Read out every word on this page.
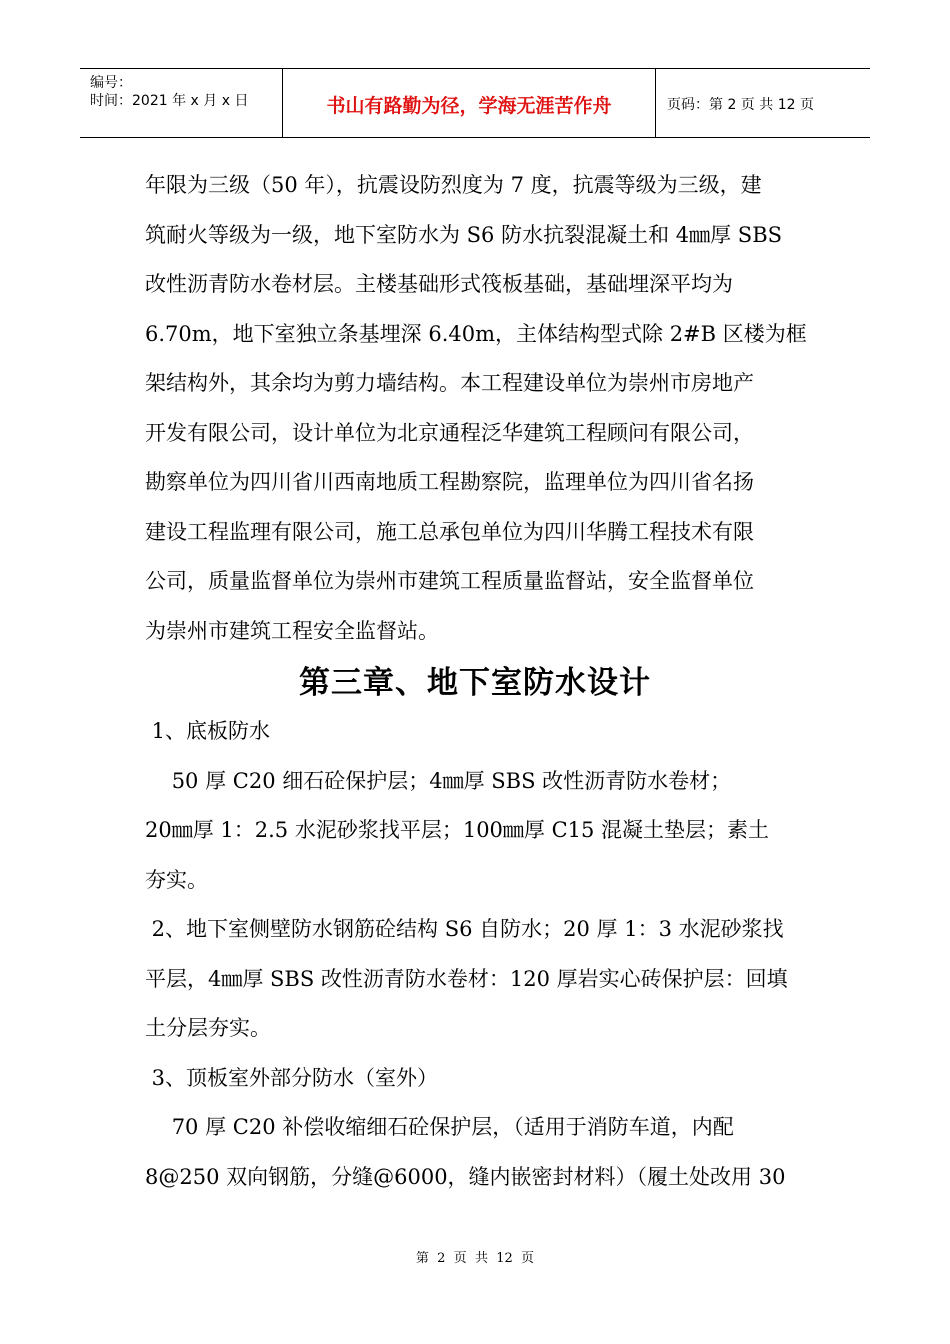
编号：
时间：2021 年 x 月 x 日	书山有路勤为径，学海无涯苦作舟	页码：第 2 页 共 12 页
年限为三级（50 年），抗震设防烈度为 7 度，抗震等级为三级，建
筑耐火等级为一级，地下室防水为 S6 防水抗裂混凝土和 4㎜厚 SBS
改性沥青防水卷材层。主楼基础形式筏板基础，基础埋深平均为
6.70m，地下室独立条基埋深 6.40m，主体结构型式除 2#B 区楼为框
架结构外，其余均为剪力墙结构。本工程建设单位为崇州市房地产
开发有限公司，设计单位为北京通程泛华建筑工程顾问有限公司，
勘察单位为四川省川西南地质工程勘察院，监理单位为四川省名扬
建设工程监理有限公司，施工总承包单位为四川华腾工程技术有限
公司，质量监督单位为崇州市建筑工程质量监督站，安全监督单位
为崇州市建筑工程安全监督站。
第三章、地下室防水设计
1、底板防水
50 厚 C20 细石砼保护层；4㎜厚 SBS 改性沥青防水卷材；
20㎜厚 1：2.5 水泥砂浆找平层；100㎜厚 C15 混凝土垫层；素土
夯实。
2、地下室侧壁防水钢筋砼结构 S6 自防水；20 厚 1：3 水泥砂浆找
平层，4㎜厚 SBS 改性沥青防水卷材：120 厚岩实心砖保护层：回填
土分层夯实。
3、顶板室外部分防水（室外）
70 厚 C20 补偿收缩细石砼保护层，（适用于消防车道，内配
8@250 双向钢筋，分缝@6000，缝内嵌密封材料）（履土处改用 30
第  2  页  共  12  页
